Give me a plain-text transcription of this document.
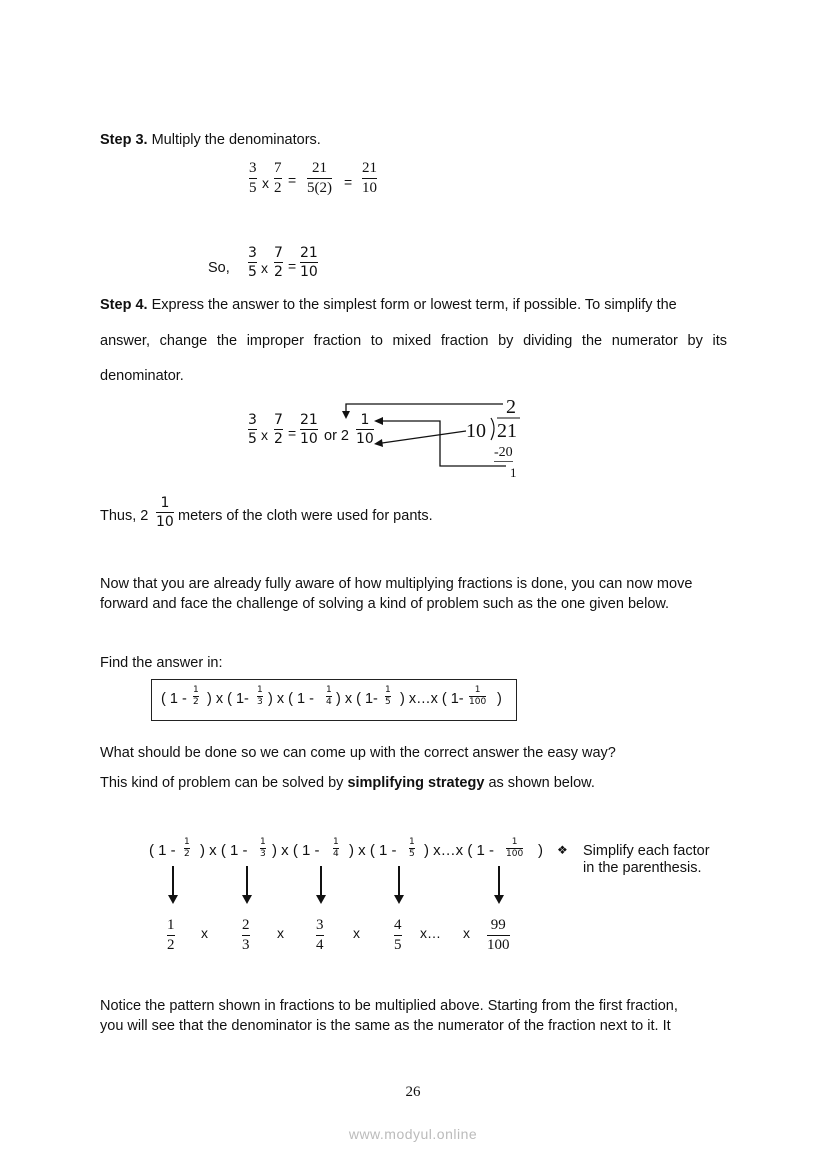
Step 3. Multiply the denominators.
3
5 x
7
2 =
21
5(2) =
21
10
So,
3
5 x
7
2 =
21
10
Step 4. Express the answer to the simplest form or lowest term, if possible. To simplify the
answer, change the improper fraction to mixed fraction by dividing the numerator by its
denominator.
3
5 x
7
2 =
21
10 or 2
1
10
2
10 21
-20
1
Thus, 2
1
10 meters of the cloth were used for pants.
Now that you are already fully aware of how multiplying fractions is done, you can now move
forward and face the challenge of solving a kind of problem such as the one given below.
Find the answer in:
( 1 -
1
2 ) x ( 1-
1
3 ) x ( 1 -
1
4 ) x ( 1-
1
5 ) x…x ( 1-
1
100 )
What should be done so we can come up with the correct answer the easy way?
This kind of problem can be solved by simplifying strategy as shown below.
( 1 - 1
2 ) x ( 1 - 1
3 ) x ( 1 - 1
4 ) x ( 1 - 1
5 ) x…x ( 1 - 1
100 ) ❖ Simplify each factor
in the parenthesis.
1
2
x 2
3
x 3
4
x 4
5
x… x 99
100
Notice the pattern shown in fractions to be multiplied above. Starting from the first fraction,
you will see that the denominator is the same as the numerator of the fraction next to it. It
26
www.modyul.online
